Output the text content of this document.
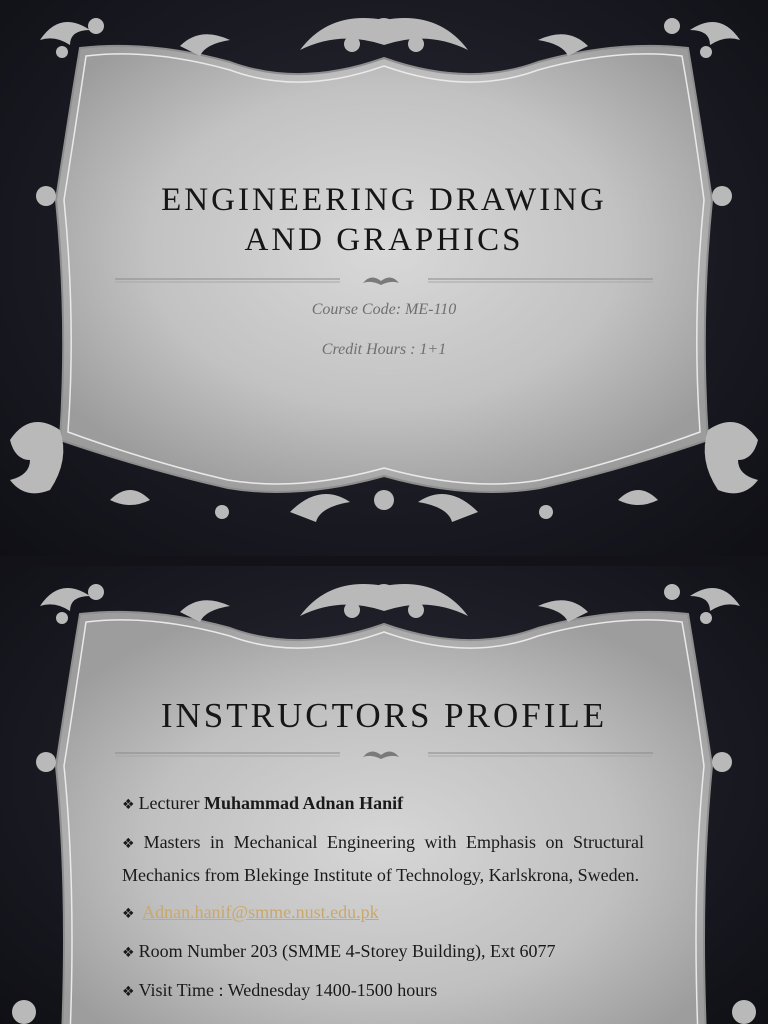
ENGINEERING DRAWING
AND GRAPHICS
Course Code: ME-110
Credit Hours : 1+1
INSTRUCTORS PROFILE
❖ Lecturer Muhammad Adnan Hanif
❖ Masters in Mechanical Engineering with Emphasis on Structural Mechanics from Blekinge Institute of Technology, Karlskrona, Sweden.
❖ Adnan.hanif@smme.nust.edu.pk
❖ Room Number 203 (SMME 4-Storey Building), Ext 6077
❖ Visit Time : Wednesday 1400-1500 hours
